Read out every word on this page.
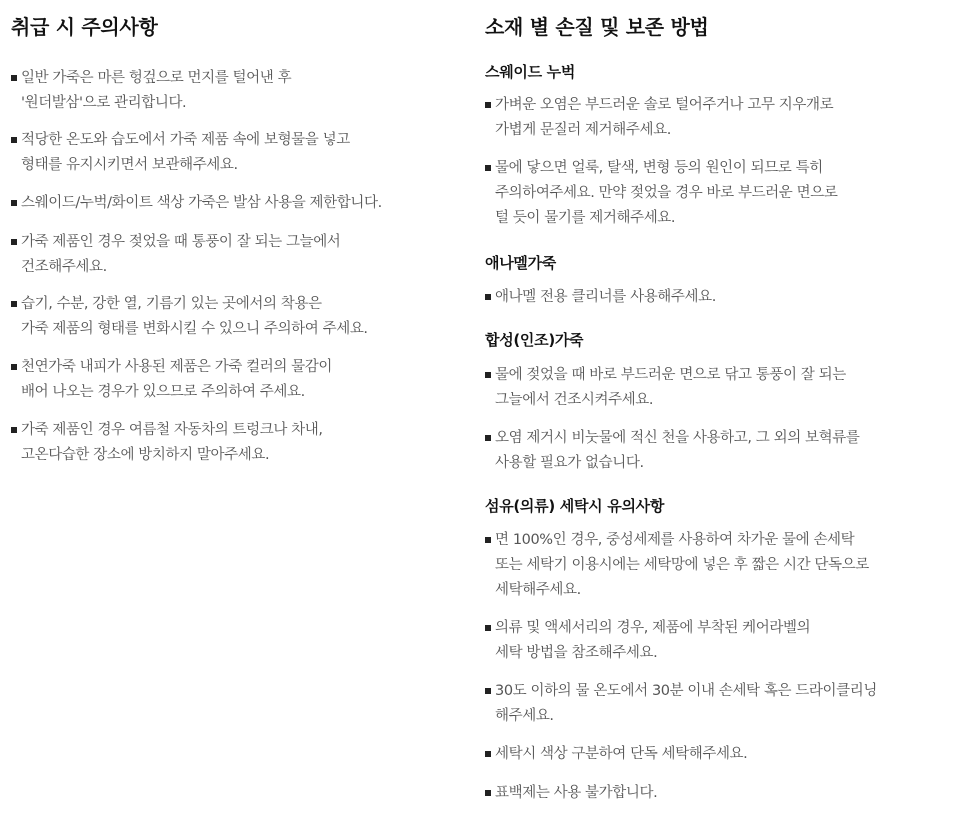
취급 시 주의사항
일반 가죽은 마른 헝겊으로 먼지를 털어낸 후
'원더발삼'으로 관리합니다.
적당한 온도와 습도에서 가죽 제품 속에 보형물을 넣고
형태를 유지시키면서 보관해주세요.
스웨이드/누벅/화이트 색상 가죽은 발삼 사용을 제한합니다.
가죽 제품인 경우 젖었을 때 통풍이 잘 되는 그늘에서
건조해주세요.
습기, 수분, 강한 열, 기름기 있는 곳에서의 착용은
가죽 제품의 형태를 변화시킬 수 있으니 주의하여 주세요.
천연가죽 내피가 사용된 제품은 가죽 컬러의 물감이
배어 나오는 경우가 있으므로 주의하여 주세요.
가죽 제품인 경우 여름철 자동차의 트렁크나 차내,
고온다습한 장소에 방치하지 말아주세요.
소재 별 손질 및 보존 방법
스웨이드 누벅
가벼운 오염은 부드러운 솔로 털어주거나 고무 지우개로
가볍게 문질러 제거해주세요.
물에 닿으면 얼룩, 탈색, 변형 등의 원인이 되므로 특히
주의하여주세요. 만약 젖었을 경우 바로 부드러운 면으로
털 듯이 물기를 제거해주세요.
애나멜가죽
애나멜 전용 클리너를 사용해주세요.
합성(인조)가죽
물에 젖었을 때 바로 부드러운 면으로 닦고 통풍이 잘 되는
그늘에서 건조시켜주세요.
오염 제거시 비눗물에 적신 천을 사용하고, 그 외의 보혁류를
사용할 필요가 없습니다.
섬유(의류) 세탁시 유의사항
면 100%인 경우, 중성세제를 사용하여 차가운 물에 손세탁
또는 세탁기 이용시에는 세탁망에 넣은 후 짧은 시간 단독으로
세탁해주세요.
의류 및 액세서리의 경우, 제품에 부착된 케어라벨의
세탁 방법을 참조해주세요.
30도 이하의 물 온도에서 30분 이내 손세탁 혹은 드라이클리닝
해주세요.
세탁시 색상 구분하여 단독 세탁해주세요.
표백제는 사용 불가합니다.
